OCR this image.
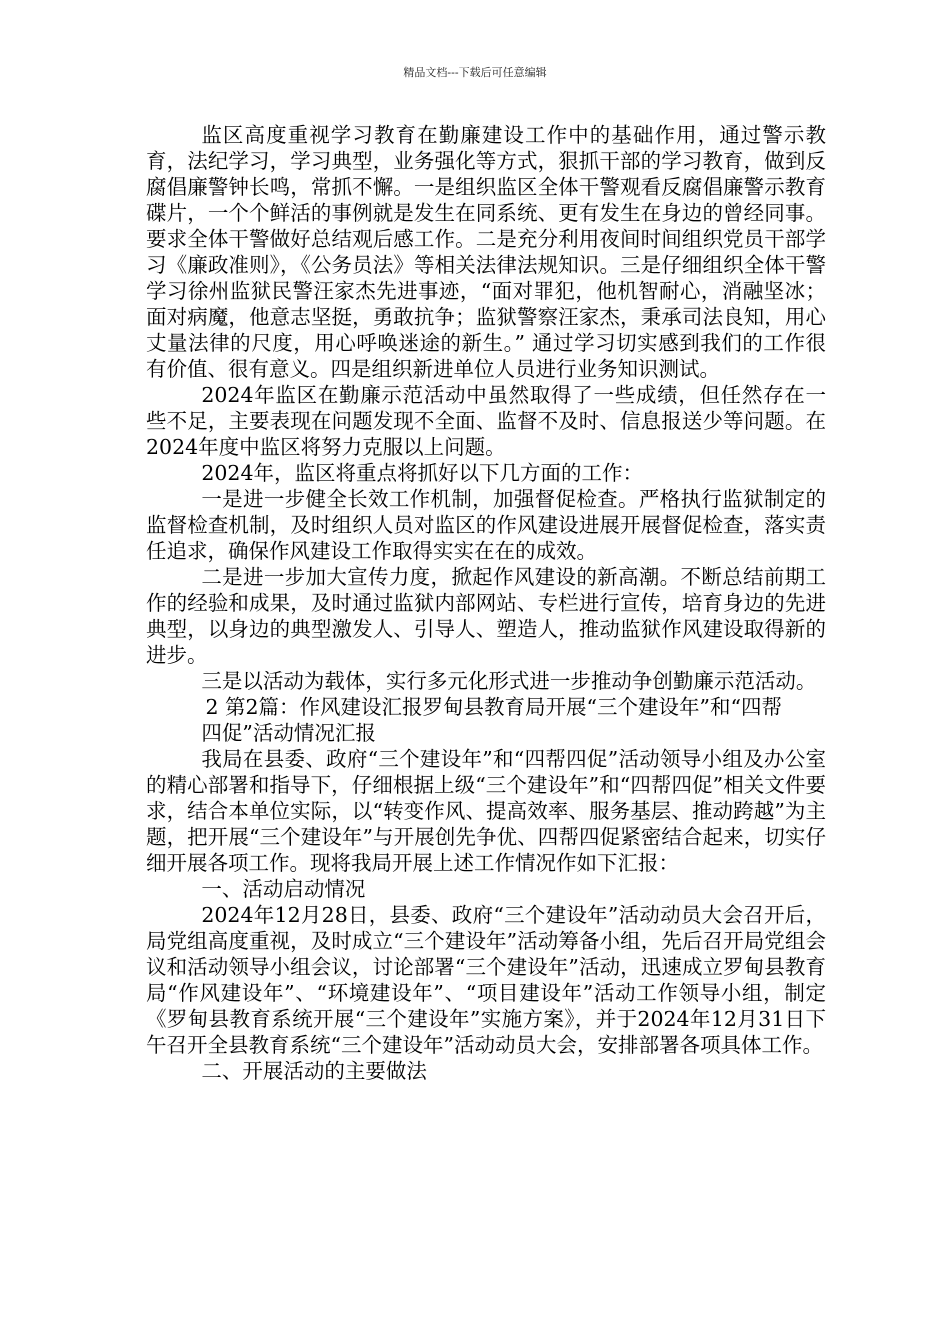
精品文档---下载后可任意编辑

监区高度重视学习教育在勤廉建设工作中的基础作用，通过警示教育，法纪学习，学习典型，业务强化等方式，狠抓干部的学习教育，做到反腐倡廉警钟长鸣，常抓不懈。一是组织监区全体干警观看反腐倡廉警示教育碟片，一个个鲜活的事例就是发生在同系统、更有发生在身边的曾经同事。要求全体干警做好总结观后感工作。二是充分利用夜间时间组织党员干部学习《廉政准则》，《公务员法》等相关法律法规知识。三是仔细组织全体干警学习徐州监狱民警汪家杰先进事迹，“面对罪犯，他机智耐心，消融坚冰；面对病魔，他意志坚挺，勇敢抗争；监狱警察汪家杰，秉承司法良知，用心丈量法律的尺度，用心呼唤迷途的新生。” 通过学习切实感到我们的工作很有价值、很有意义。四是组织新进单位人员进行业务知识测试。

2024年监区在勤廉示范活动中虽然取得了一些成绩，但任然存在一些不足，主要表现在问题发现不全面、监督不及时、信息报送少等问题。在2024年度中监区将努力克服以上问题。

2024年，监区将重点将抓好以下几方面的工作：

一是进一步健全长效工作机制，加强督促检查。严格执行监狱制定的监督检查机制，及时组织人员对监区的作风建设进展开展督促检查，落实责任追求，确保作风建设工作取得实实在在的成效。

二是进一步加大宣传力度，掀起作风建设的新高潮。不断总结前期工作的经验和成果，及时通过监狱内部网站、专栏进行宣传，培育身边的先进典型，以身边的典型激发人、引导人、塑造人，推动监狱作风建设取得新的进步。

三是以活动为载体，实行多元化形式进一步推动争创勤廉示范活动。

2 第2篇：作风建设汇报罗甸县教育局开展“三个建设年”和“四帮

四促”活动情况汇报

我局在县委、政府“三个建设年”和“四帮四促”活动领导小组及办公室的精心部署和指导下，仔细根据上级“三个建设年”和“四帮四促”相关文件要求，结合本单位实际，以“转变作风、提高效率、服务基层、推动跨越”为主题，把开展“三个建设年”与开展创先争优、四帮四促紧密结合起来，切实仔细开展各项工作。现将我局开展上述工作情况作如下汇报：

一、活动启动情况

2024年12月28日，县委、政府“三个建设年”活动动员大会召开后，局党组高度重视，及时成立“三个建设年”活动筹备小组，先后召开局党组会议和活动领导小组会议，讨论部署“三个建设年”活动，迅速成立罗甸县教育局“作风建设年”、“环境建设年”、“项目建设年”活动工作领导小组，制定《罗甸县教育系统开展“三个建设年”实施方案》，并于2024年12月31日下午召开全县教育系统“三个建设年”活动动员大会，安排部署各项具体工作。

二、开展活动的主要做法
